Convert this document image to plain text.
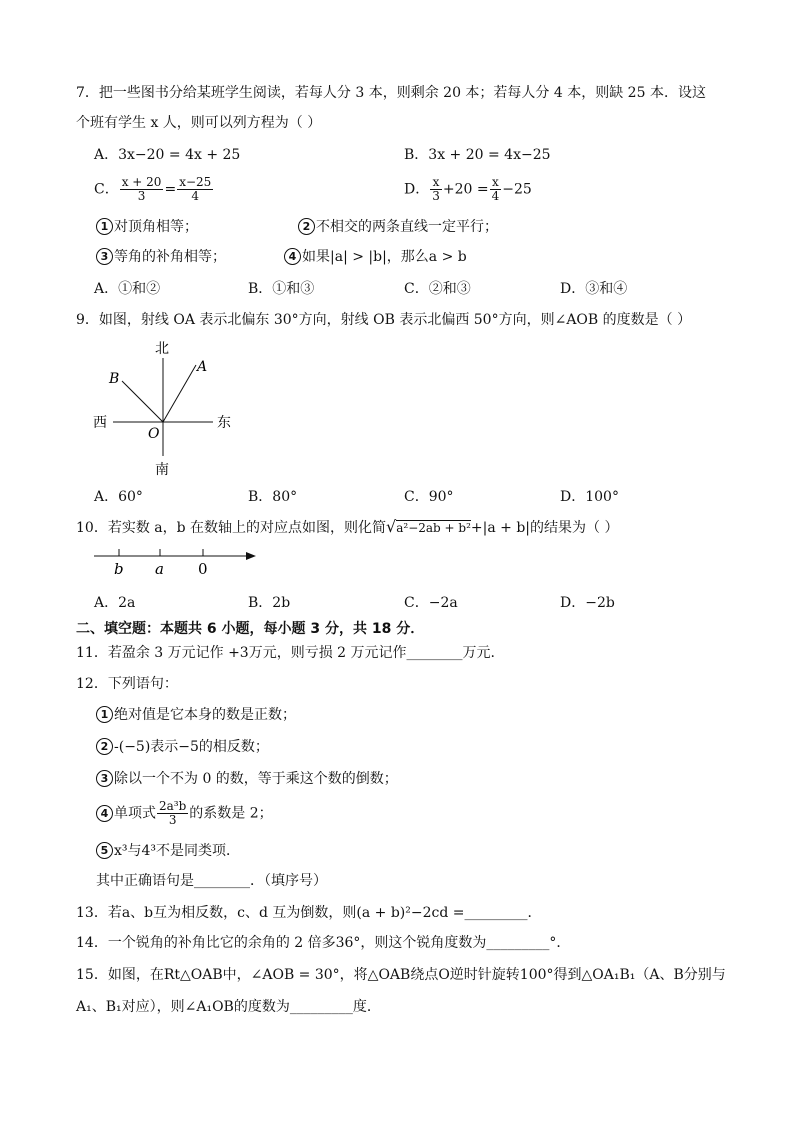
7．把一些图书分给某班学生阅读，若每人分 3 本，则剩余 20 本；若每人分 4 本，则缺 25 本．设这
个班有学生 x 人，则可以列方程为（ ）
A．3x−20 = 4x + 25	B．3x + 20 = 4x−25
C． $\frac{x + 20}{3} = \frac{x-25}{4}$	D． $\frac{x}{3} +20 = \frac{x}{4} -25$
1 对顶角相等；	2 不相交的两条直线一定平行；
3 等角的补角相等；	4 如果|a| > |b|，那么a > b
A．①和②	B．①和③	C．②和③	D．③和④
9．如图，射线 OA 表示北偏东 30°方向，射线 OB 表示北偏西 50°方向，则∠AOB 的度数是（ ）
北
南
西	东
A
B
O
A．60°	B．80°	C．90°	D．100°
10．若实数 a，b 在数轴上的对应点如图，则化简√a²−2ab + b²+|a + b|的结果为（ ）
b a 0
A．2a	B．2b	C．−2a	D．−2b
二、填空题：本题共 6 小题，每小题 3 分，共 18 分．
11．若盈余 3 万元记作 +3万元，则亏损 2 万元记作________万元.
12．下列语句：
1 绝对值是它本身的数是正数；
2 -(−5)表示−5的相反数；
3 除以一个不为 0 的数，等于乘这个数的倒数；
4 单项式 $\frac{\text{2a³b}}{3}$ 的系数是 2；
5 x³与4³不是同类项．
其中正确语句是________．（填序号）
13．若a、b互为相反数，c、d 互为倒数，则(a + b)²−2cd =_________．
14．一个锐角的补角比它的余角的 2 倍多36°，则这个锐角度数为_________°．
15．如图，在Rt△OAB中，∠AOB = 30°，将△OAB绕点O逆时针旋转100°得到△OA₁B₁（A、B分别与
A₁、B₁对应），则∠A₁OB的度数为_________度．
